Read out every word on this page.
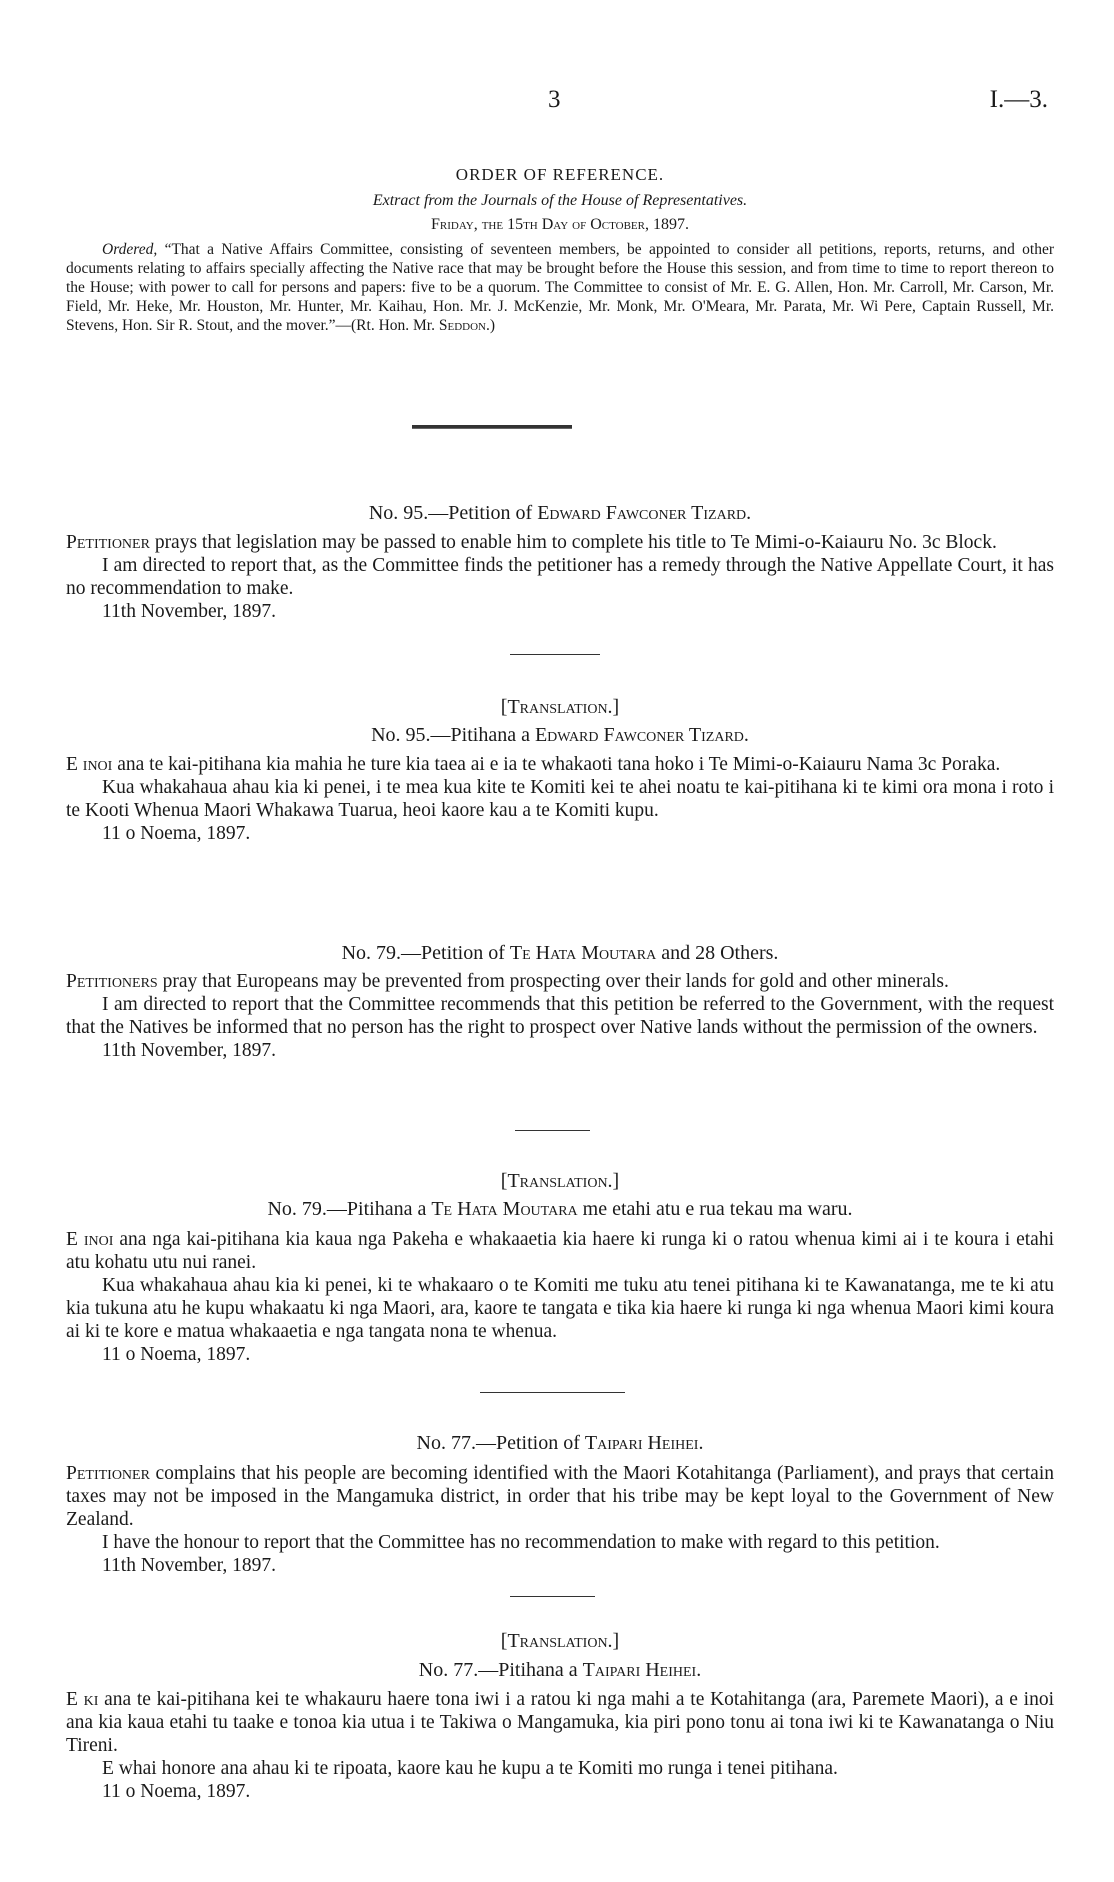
3	I.—3.

ORDER OF REFERENCE.

Extract from the Journals of the House of Representatives.

Friday, the 15th Day of October, 1897.

Ordered, “That a Native Affairs Committee, consisting of seventeen members, be appointed to consider all petitions, reports, returns, and other documents relating to affairs specially affecting the Native race that may be brought before the House this session, and from time to time to report thereon to the House; with power to call for persons and papers: five to be a quorum. The Committee to consist of Mr. E. G. Allen, Hon. Mr. Carroll, Mr. Carson, Mr. Field, Mr. Heke, Mr. Houston, Mr. Hunter, Mr. Kaihau, Hon. Mr. J. McKenzie, Mr. Monk, Mr. O'Meara, Mr. Parata, Mr. Wi Pere, Captain Russell, Mr. Stevens, Hon. Sir R. Stout, and the mover.”—(Rt. Hon. Mr. Seddon.)

No. 95.—Petition of Edward Fawconer Tizard.

Petitioner prays that legislation may be passed to enable him to complete his title to Te Mimi-o-Kaiauru No. 3c Block.

I am directed to report that, as the Committee finds the petitioner has a remedy through the Native Appellate Court, it has no recommendation to make.

11th November, 1897.

[Translation.]

No. 95.—Pitihana a Edward Fawconer Tizard.

E inoi ana te kai-pitihana kia mahia he ture kia taea ai e ia te whakaoti tana hoko i Te Mimi-o-Kaiauru Nama 3c Poraka.

Kua whakahaua ahau kia ki penei, i te mea kua kite te Komiti kei te ahei noatu te kai-pitihana ki te kimi ora mona i roto i te Kooti Whenua Maori Whakawa Tuarua, heoi kaore kau a te Komiti kupu.

11 o Noema, 1897.

No. 79.—Petition of Te Hata Moutara and 28 Others.

Petitioners pray that Europeans may be prevented from prospecting over their lands for gold and other minerals.

I am directed to report that the Committee recommends that this petition be referred to the Government, with the request that the Natives be informed that no person has the right to prospect over Native lands without the permission of the owners.

11th November, 1897.

[Translation.]

No. 79.—Pitihana a Te Hata Moutara me etahi atu e rua tekau ma waru.

E inoi ana nga kai-pitihana kia kaua nga Pakeha e whakaaetia kia haere ki runga ki o ratou whenua kimi ai i te koura i etahi atu kohatu utu nui ranei.

Kua whakahaua ahau kia ki penei, ki te whakaaro o te Komiti me tuku atu tenei pitihana ki te Kawanatanga, me te ki atu kia tukuna atu he kupu whakaatu ki nga Maori, ara, kaore te tangata e tika kia haere ki runga ki nga whenua Maori kimi koura ai ki te kore e matua whakaaetia e nga tangata nona te whenua.

11 o Noema, 1897.

No. 77.—Petition of Taipari Heihei.

Petitioner complains that his people are becoming identified with the Maori Kotahitanga (Parliament), and prays that certain taxes may not be imposed in the Mangamuka district, in order that his tribe may be kept loyal to the Government of New Zealand.

I have the honour to report that the Committee has no recommendation to make with regard to this petition.

11th November, 1897.

[Translation.]

No. 77.—Pitihana a Taipari Heihei.

E ki ana te kai-pitihana kei te whakauru haere tona iwi i a ratou ki nga mahi a te Kotahitanga (ara, Paremete Maori), a e inoi ana kia kaua etahi tu taake e tonoa kia utua i te Takiwa o Mangamuka, kia piri pono tonu ai tona iwi ki te Kawanatanga o Niu Tireni.

E whai honore ana ahau ki te ripoata, kaore kau he kupu a te Komiti mo runga i tenei pitihana.

11 o Noema, 1897.
